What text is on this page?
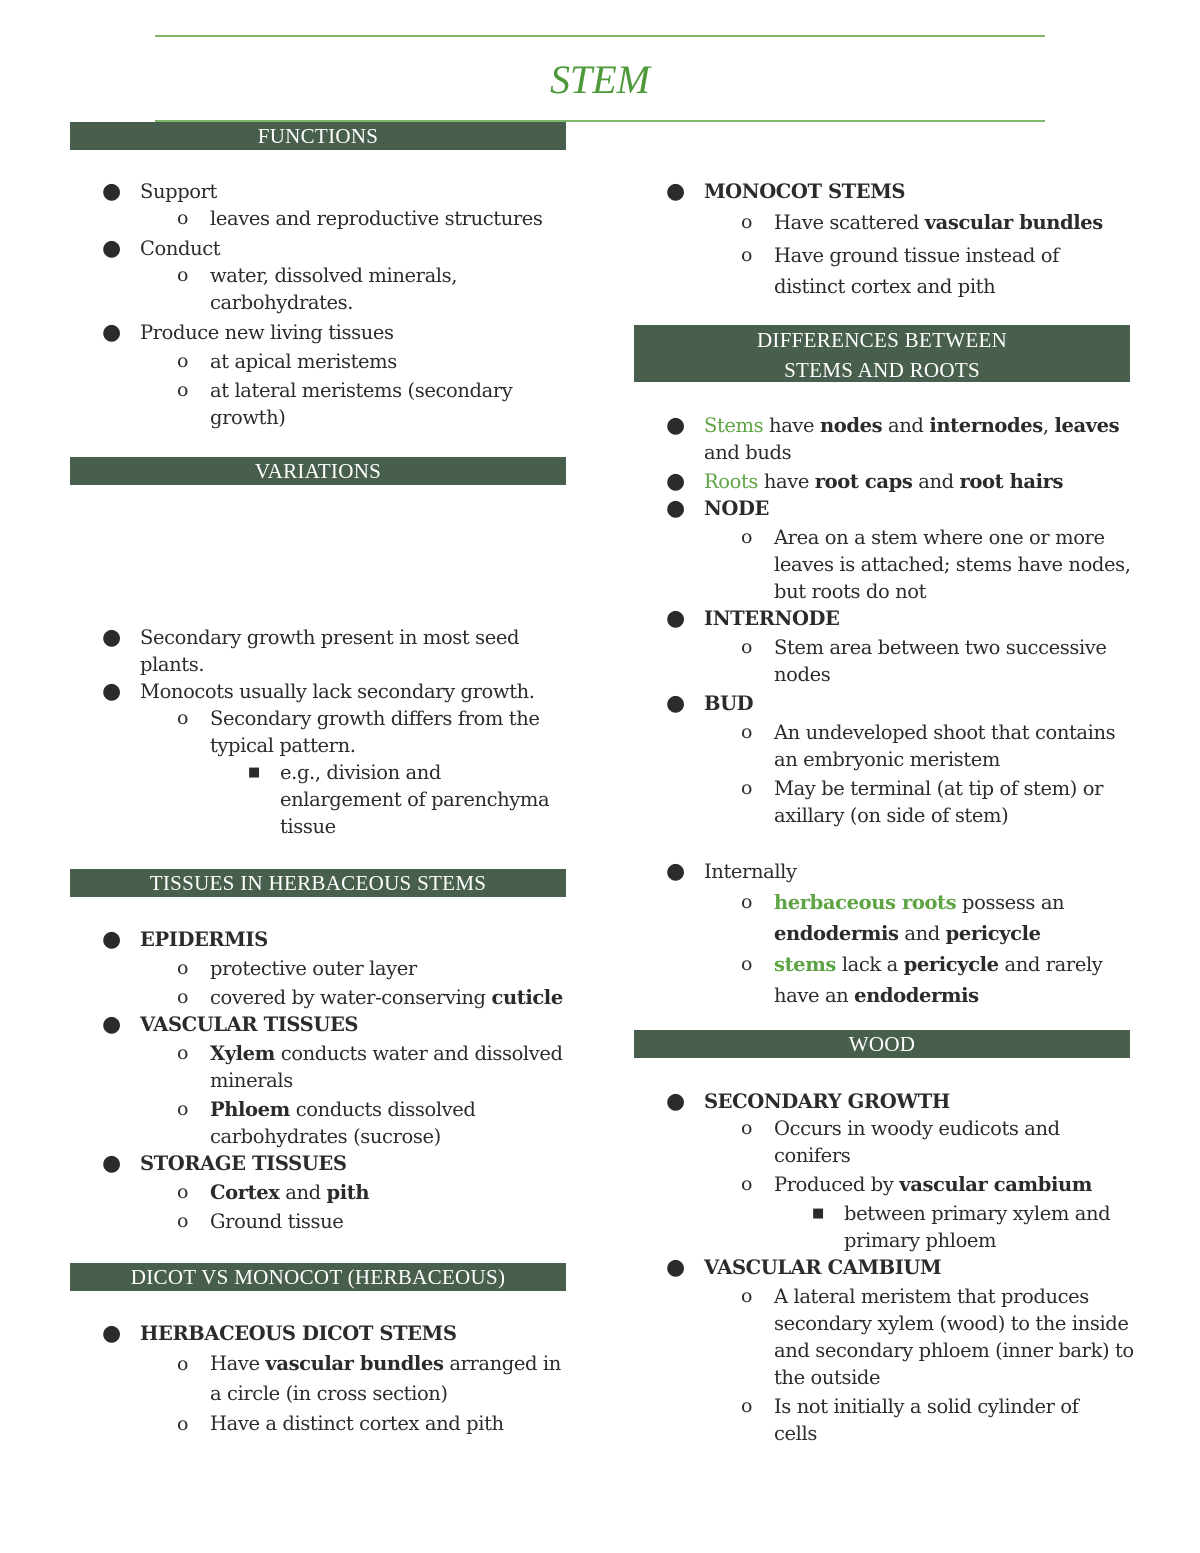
STEM
FUNCTIONS
● Support
o leaves and reproductive structures
● Conduct
o water, dissolved minerals, carbohydrates.
● Produce new living tissues
o at apical meristems
o at lateral meristems (secondary growth)
VARIATIONS
● Secondary growth present in most seed plants.
● Monocots usually lack secondary growth.
o Secondary growth differs from the typical pattern.
■ e.g., division and enlargement of parenchyma tissue
TISSUES IN HERBACEOUS STEMS
● EPIDERMIS
o protective outer layer
o covered by water-conserving cuticle
● VASCULAR TISSUES
o Xylem conducts water and dissolved minerals
o Phloem conducts dissolved carbohydrates (sucrose)
● STORAGE TISSUES
o Cortex and pith
o Ground tissue
DICOT VS MONOCOT (HERBACEOUS)
● HERBACEOUS DICOT STEMS
o Have vascular bundles arranged in a circle (in cross section)
o Have a distinct cortex and pith
● MONOCOT STEMS
o Have scattered vascular bundles
o Have ground tissue instead of distinct cortex and pith
DIFFERENCES BETWEEN
STEMS AND ROOTS
● Stems have nodes and internodes, leaves and buds
● Roots have root caps and root hairs
● NODE
o Area on a stem where one or more leaves is attached; stems have nodes, but roots do not
● INTERNODE
o Stem area between two successive nodes
● BUD
o An undeveloped shoot that contains an embryonic meristem
o May be terminal (at tip of stem) or axillary (on side of stem)
● Internally
o herbaceous roots possess an endodermis and pericycle
o stems lack a pericycle and rarely have an endodermis
WOOD
● SECONDARY GROWTH
o Occurs in woody eudicots and conifers
o Produced by vascular cambium
■ between primary xylem and primary phloem
● VASCULAR CAMBIUM
o A lateral meristem that produces secondary xylem (wood) to the inside and secondary phloem (inner bark) to the outside
o Is not initially a solid cylinder of cells
